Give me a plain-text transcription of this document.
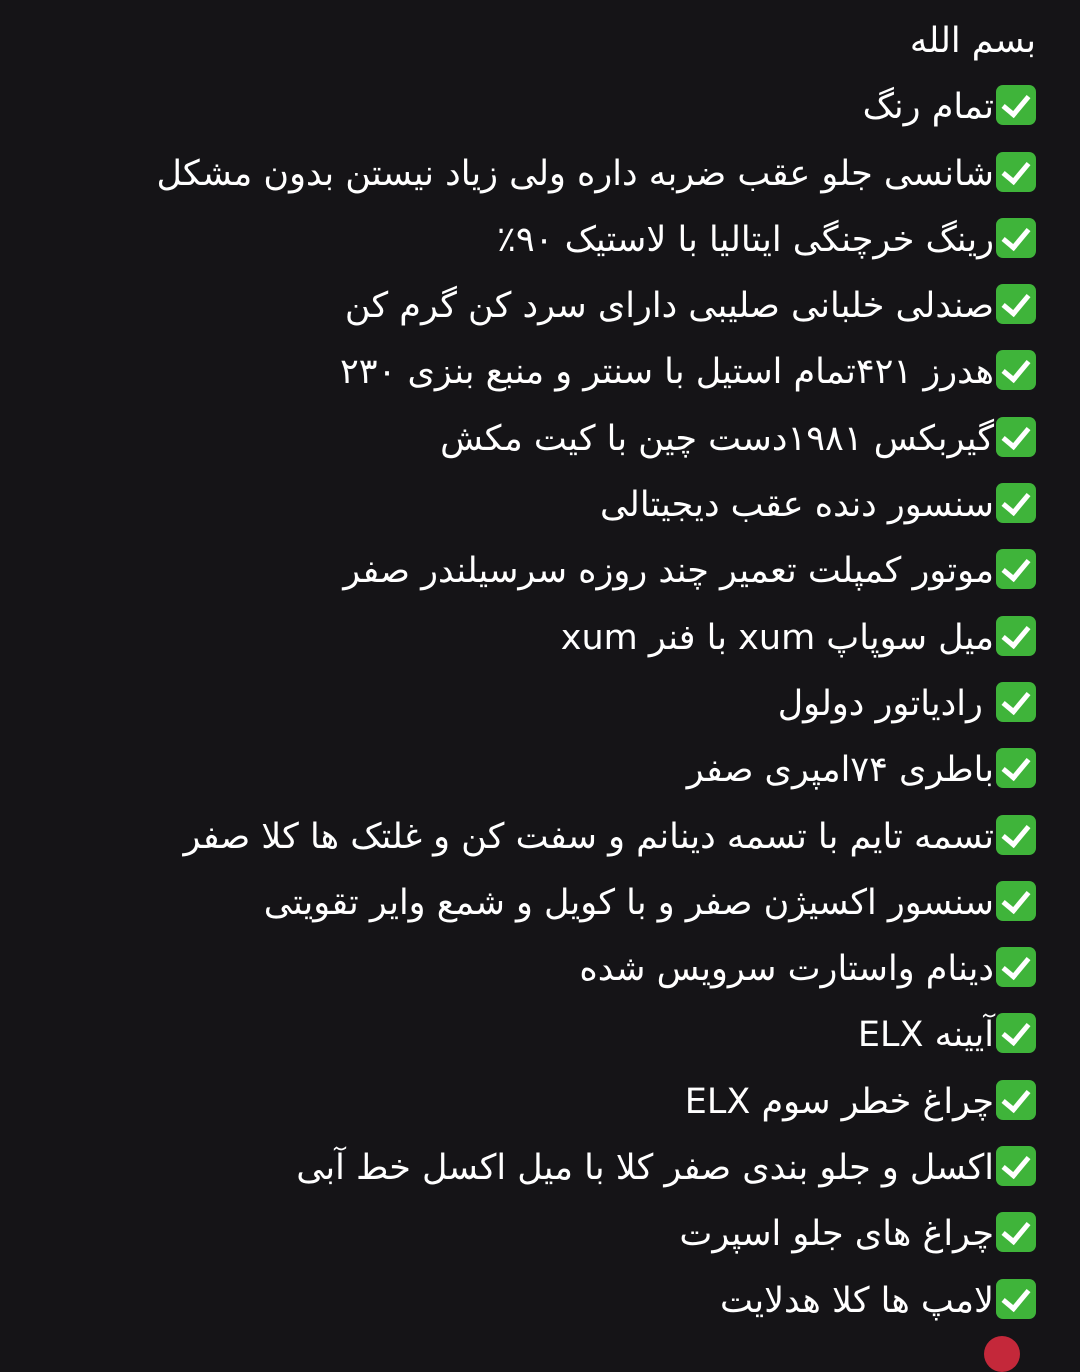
بسم الله
تمام رنگ
شانسی جلو عقب ضربه داره ولی زیاد نیستن بدون مشکل
رینگ خرچنگی ایتالیا با لاستیک ۹۰٪
صندلی خلبانی صلیبی دارای سرد کن گرم کن
هدرز ۴۲۱تمام استیل با سنتر و منبع بنزی ۲۳۰
گیربکس ۱۹۸۱دست چین با کیت مکش
سنسور دنده عقب دیجیتالی
موتور کمپلت تعمیر چند روزه سرسیلندر صفر
میل سوپاپ xum با فنر xum
رادیاتور دولول
باطری ۷۴امپری صفر
تسمه تایم با تسمه دینانم و سفت کن و غلتک ها کلا صفر
سنسور اکسیژن صفر و با کویل و شمع وایر تقویتی
دینام واستارت سرویس شده
آیینه ELX
چراغ خطر سوم ELX
اکسل و جلو بندی صفر کلا با میل اکسل خط آبی
چراغ های جلو اسپرت
لامپ ها کلا هدلایت
